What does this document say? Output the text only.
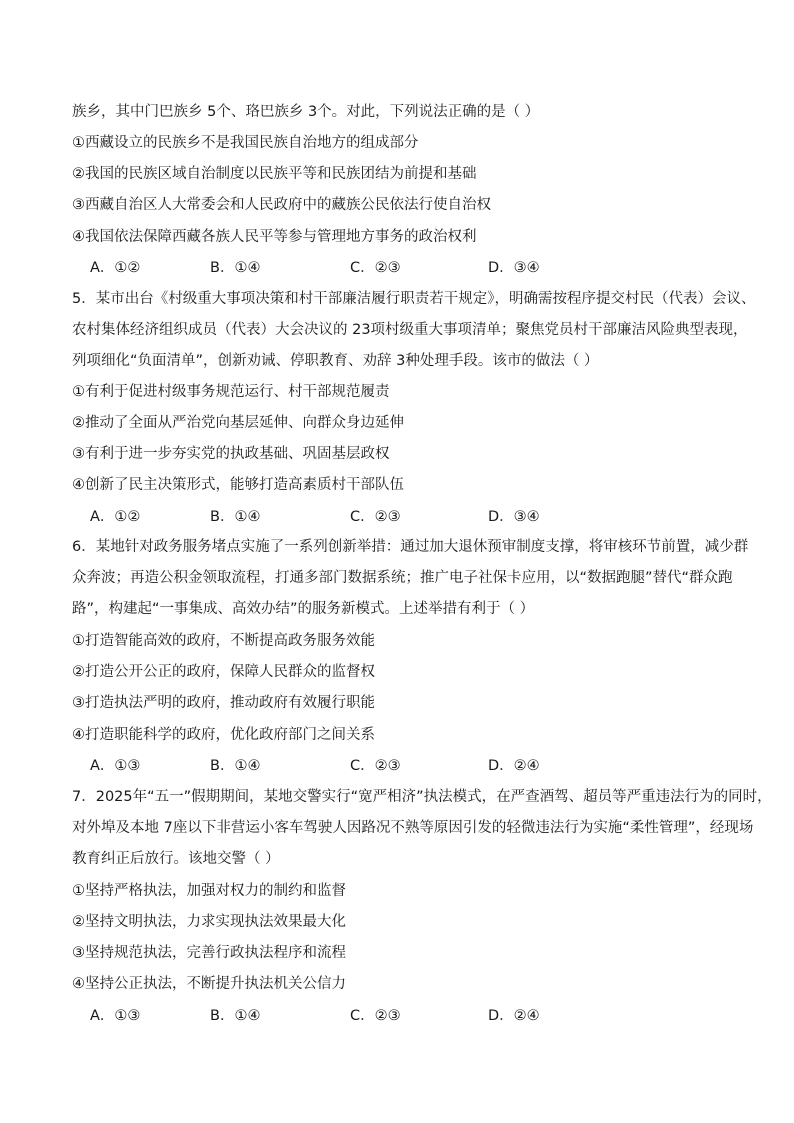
族乡，其中门巴族乡 5个、珞巴族乡 3个。对此，下列说法正确的是（ ）
①西藏设立的民族乡不是我国民族自治地方的组成部分
②我国的民族区域自治制度以民族平等和民族团结为前提和基础
③西藏自治区人大常委会和人民政府中的藏族公民依法行使自治权
④我国依法保障西藏各族人民平等参与管理地方事务的政治权利
A．①②	B．①④	C．②③	D．③④
5．某市出台《村级重大事项决策和村干部廉洁履行职责若干规定》，明确需按程序提交村民（代表）会议、
农村集体经济组织成员（代表）大会决议的 23项村级重大事项清单；聚焦党员村干部廉洁风险典型表现，
列项细化“负面清单”，创新劝诫、停职教育、劝辞 3种处理手段。该市的做法（ ）
①有利于促进村级事务规范运行、村干部规范履责
②推动了全面从严治党向基层延伸、向群众身边延伸
③有利于进一步夯实党的执政基础、巩固基层政权
④创新了民主决策形式，能够打造高素质村干部队伍
A．①②	B．①④	C．②③	D．③④
6．某地针对政务服务堵点实施了一系列创新举措：通过加大退休预审制度支撑，将审核环节前置，减少群
众奔波；再造公积金领取流程，打通多部门数据系统；推广电子社保卡应用，以“数据跑腿”替代“群众跑
路”，构建起“一事集成、高效办结”的服务新模式。上述举措有利于（ ）
①打造智能高效的政府，不断提高政务服务效能
②打造公开公正的政府，保障人民群众的监督权
③打造执法严明的政府，推动政府有效履行职能
④打造职能科学的政府，优化政府部门之间关系
A．①③	B．①④	C．②③	D．②④
7．2025年“五一”假期期间，某地交警实行“宽严相济”执法模式，在严查酒驾、超员等严重违法行为的同时，
对外埠及本地 7座以下非营运小客车驾驶人因路况不熟等原因引发的轻微违法行为实施“柔性管理”，经现场
教育纠正后放行。该地交警（ ）
①坚持严格执法，加强对权力的制约和监督
②坚持文明执法，力求实现执法效果最大化
③坚持规范执法，完善行政执法程序和流程
④坚持公正执法，不断提升执法机关公信力
A．①③	B．①④	C．②③	D．②④
